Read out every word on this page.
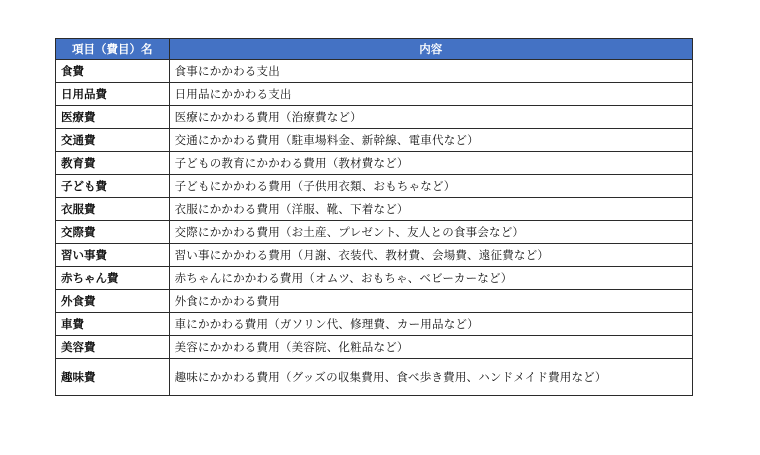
項目（費目）名	内容
食費	食事にかかわる支出
日用品費	日用品にかかわる支出
医療費	医療にかかわる費用（治療費など）
交通費	交通にかかわる費用（駐車場料金、新幹線、電車代など）
教育費	子どもの教育にかかわる費用（教材費など）
子ども費	子どもにかかわる費用（子供用衣類、おもちゃなど）
衣服費	衣服にかかわる費用（洋服、靴、下着など）
交際費	交際にかかわる費用（お土産、プレゼント、友人との食事会など）
習い事費	習い事にかかわる費用（月謝、衣装代、教材費、会場費、遠征費など）
赤ちゃん費	赤ちゃんにかかわる費用（オムツ、おもちゃ、ベビーカーなど）
外食費	外食にかかわる費用
車費	車にかかわる費用（ガソリン代、修理費、カー用品など）
美容費	美容にかかわる費用（美容院、化粧品など）
趣味費	趣味にかかわる費用（グッズの収集費用、食べ歩き費用、ハンドメイド費用など）
